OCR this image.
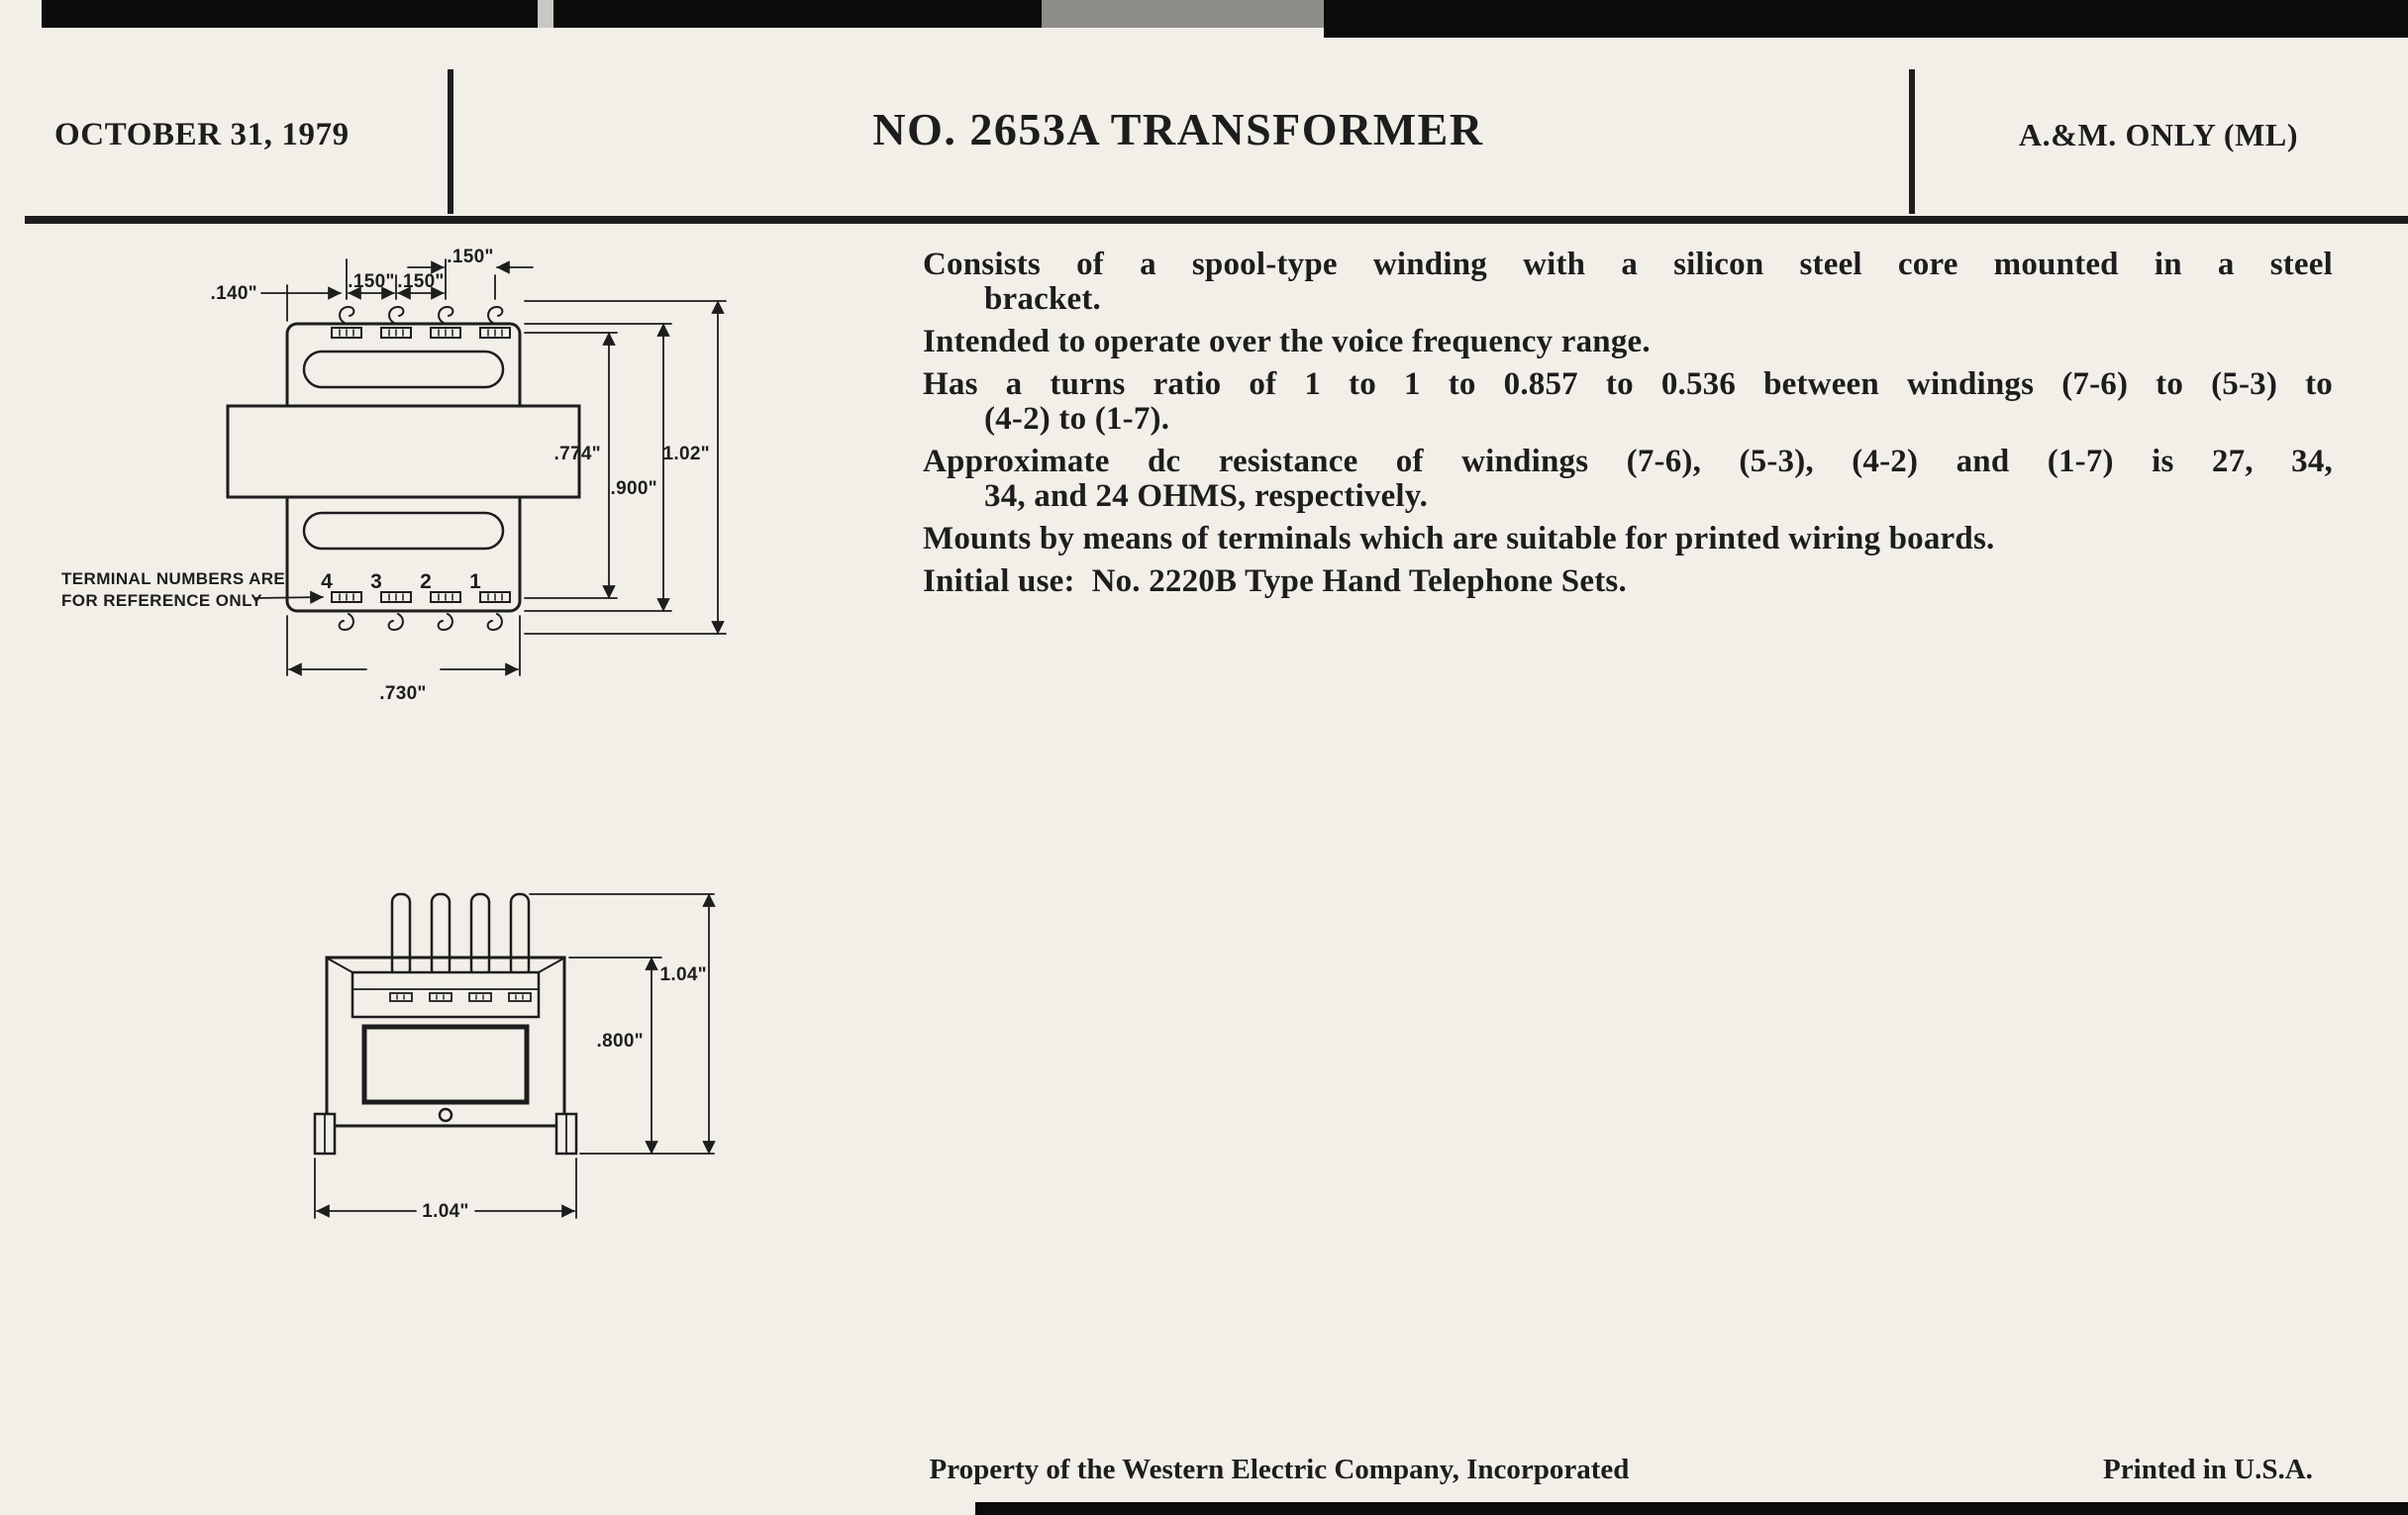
OCTOBER 31, 1979	NO. 2653A TRANSFORMER	A.&M. ONLY (ML)
Consists of a spool-type winding with a silicon steel core mounted in a steel
bracket.
Intended to operate over the voice frequency range.
Has a turns ratio of 1 to 1 to 0.857 to 0.536 between windings (7-6) to (5-3) to
(4-2) to (1-7).
Approximate dc resistance of windings (7-6), (5-3), (4-2) and (1-7) is 27, 34,
34, and 24 OHMS, respectively.
Mounts by means of terminals which are suitable for printed wiring boards.
Initial use:  No. 2220B Type Hand Telephone Sets.
4 3 2 1
.140"
.150" .150"
.150"
.774"
.900"
1.02"
.730"
TERMINAL NUMBERS ARE
FOR REFERENCE ONLY
.800"
1.04"
1.04"
Property of the Western Electric Company, Incorporated	Printed in U.S.A.
